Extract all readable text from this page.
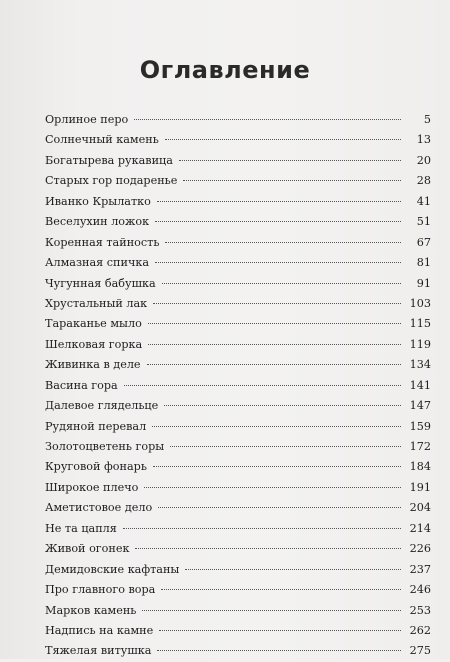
Оглавление
Орлиное перо	5
Солнечный камень	13
Богатырева рукавица	20
Старых гор подаренье	28
Иванко Крылатко	41
Веселухин ложок	51
Коренная тайность	67
Алмазная спичка	81
Чугунная бабушка	91
Хрустальный лак	103
Тараканье мыло	115
Шелковая горка	119
Живинка в деле	134
Васина гора	141
Далевое глядельце	147
Рудяной перевал	159
Золотоцветень горы	172
Круговой фонарь	184
Широкое плечо	191
Аметистовое дело	204
Не та цапля	214
Живой огонек	226
Демидовские кафтаны	237
Про главного вора	246
Марков камень	253
Надпись на камне	262
Тяжелая витушка	275
